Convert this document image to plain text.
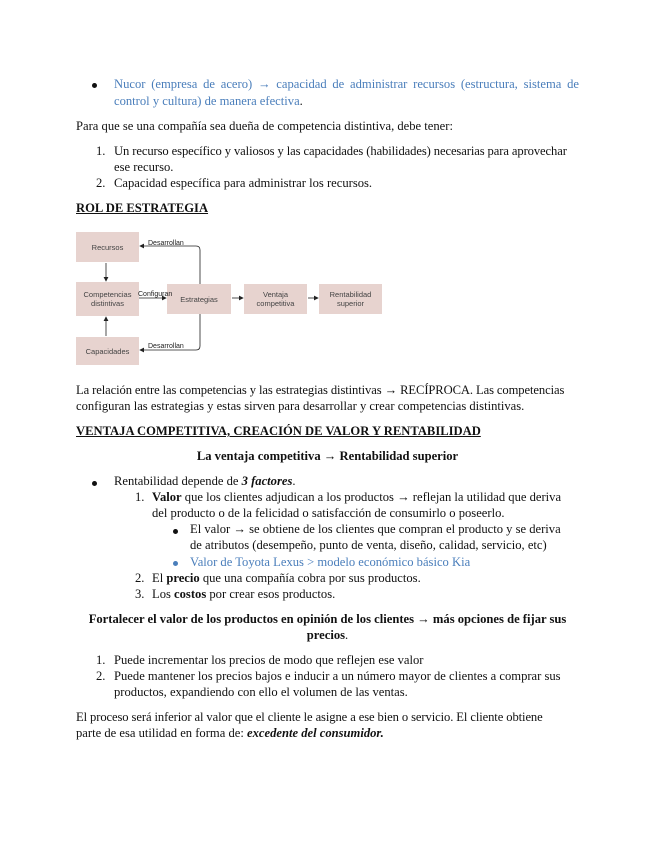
Nucor (empresa de acero) → capacidad de administrar recursos (estructura, sistema de
control y cultura) de manera efectiva.
Para que se una compañía sea dueña de competencia distintiva, debe tener:
1. Un recurso específico y valiosos y las capacidades (habilidades) necesarias para aprovechar
ese recurso.
2. Capacidad específica para administrar los recursos.
ROL DE ESTRATEGIA
Recursos
Competencias
distintivas
Capacidades
Estrategias	Ventaja
competitiva
Rentabilidad
superior
Desarrollan
Configuran
Desarrollan
La relación entre las competencias y las estrategias distintivas → RECÍPROCA. Las competencias
configuran las estrategias y estas sirven para desarrollar y crear competencias distintivas.
VENTAJA COMPETITIVA, CREACIÓN DE VALOR Y RENTABILIDAD
La ventaja competitiva → Rentabilidad superior
Rentabilidad depende de 3 factores.
1. Valor que los clientes adjudican a los productos → reflejan la utilidad que deriva
del producto o de la felicidad o satisfacción de consumirlo o poseerlo.
El valor → se obtiene de los clientes que compran el producto y se deriva
de atributos (desempeño, punto de venta, diseño, calidad, servicio, etc)
Valor de Toyota Lexus > modelo económico básico Kia
2. El precio que una compañía cobra por sus productos.
3. Los costos por crear esos productos.
Fortalecer el valor de los productos en opinión de los clientes → más opciones de fijar sus
precios.
1. Puede incrementar los precios de modo que reflejen ese valor
2. Puede mantener los precios bajos e inducir a un número mayor de clientes a comprar sus
productos, expandiendo con ello el volumen de las ventas.
El proceso será inferior al valor que el cliente le asigne a ese bien o servicio. El cliente obtiene
parte de esa utilidad en forma de: excedente del consumidor.
